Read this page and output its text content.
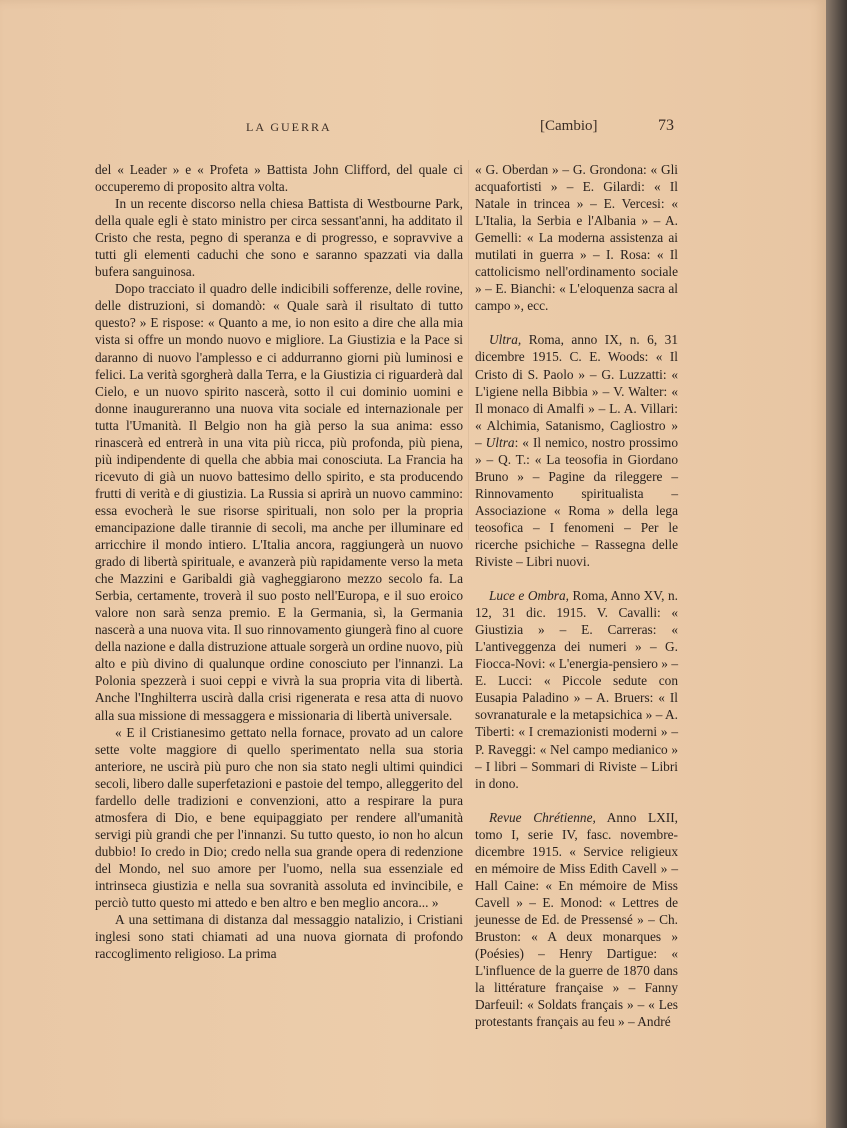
LA GUERRA	[Cambio]	73

del « Leader » e « Profeta » Battista John Clifford, del quale ci occuperemo di proposito altra volta.

In un recente discorso nella chiesa Battista di Westbourne Park, della quale egli è stato ministro per circa sessant'anni, ha additato il Cristo che resta, pegno di speranza e di progresso, e sopravvive a tutti gli elementi caduchi che sono e saranno spazzati via dalla bufera sanguinosa.

Dopo tracciato il quadro delle indicibili sofferenze, delle rovine, delle distruzioni, si domandò: « Quale sarà il risultato di tutto questo? » E rispose: « Quanto a me, io non esito a dire che alla mia vista si offre un mondo nuovo e migliore. La Giustizia e la Pace si daranno di nuovo l'amplesso e ci addurranno giorni più luminosi e felici. La verità sgorgherà dalla Terra, e la Giustizia ci riguarderà dal Cielo, e un nuovo spirito nascerà, sotto il cui dominio uomini e donne inaugureranno una nuova vita sociale ed internazionale per tutta l'Umanità. Il Belgio non ha già perso la sua anima: esso rinascerà ed entrerà in una vita più ricca, più profonda, più piena, più indipendente di quella che abbia mai conosciuta. La Francia ha ricevuto di già un nuovo battesimo dello spirito, e sta producendo frutti di verità e di giustizia. La Russia si aprirà un nuovo cammino: essa evocherà le sue risorse spirituali, non solo per la propria emancipazione dalle tirannie di secoli, ma anche per illuminare ed arricchire il mondo intiero. L'Italia ancora, raggiungerà un nuovo grado di libertà spirituale, e avanzerà più rapidamente verso la meta che Mazzini e Garibaldi già vagheggiarono mezzo secolo fa. La Serbia, certamente, troverà il suo posto nell'Europa, e il suo eroico valore non sarà senza premio. E la Germania, sì, la Germania nascerà a una nuova vita. Il suo rinnovamento giungerà fino al cuore della nazione e dalla distruzione attuale sorgerà un ordine nuovo, più alto e più divino di qualunque ordine conosciuto per l'innanzi. La Polonia spezzerà i suoi ceppi e vivrà la sua propria vita di libertà. Anche l'Inghilterra uscirà dalla crisi rigenerata e resa atta di nuovo alla sua missione di messaggera e missionaria di libertà universale.

« E il Cristianesimo gettato nella fornace, provato ad un calore sette volte maggiore di quello sperimentato nella sua storia anteriore, ne uscirà più puro che non sia stato negli ultimi quindici secoli, libero dalle superfetazioni e pastoie del tempo, alleggerito del fardello delle tradizioni e convenzioni, atto a respirare la pura atmosfera di Dio, e bene equipaggiato per rendere all'umanità servigi più grandi che per l'innanzi. Su tutto questo, io non ho alcun dubbio! Io credo in Dio; credo nella sua grande opera di redenzione del Mondo, nel suo amore per l'uomo, nella sua essenziale ed intrinseca giustizia e nella sua sovranità assoluta ed invincibile, e perciò tutto questo mi attedo e ben altro e ben meglio ancora... »

A una settimana di distanza dal messaggio natalizio, i Cristiani inglesi sono stati chiamati ad una nuova giornata di profondo raccoglimento religioso. La prima

« G. Oberdan » – G. Grondona: « Gli acquafortisti » – E. Gilardi: « Il Natale in trincea » – E. Vercesi: « L'Italia, la Serbia e l'Albania » – A. Gemelli: « La moderna assistenza ai mutilati in guerra » – I. Rosa: « Il cattolicismo nell'ordinamento sociale » – E. Bianchi: « L'eloquenza sacra al campo », ecc.

Ultra, Roma, anno IX, n. 6, 31 dicembre 1915. C. E. Woods: « Il Cristo di S. Paolo » – G. Luzzatti: « L'igiene nella Bibbia » – V. Walter: « Il monaco di Amalfi » – L. A. Villari: « Alchimia, Satanismo, Cagliostro » – Ultra: « Il nemico, nostro prossimo » – Q. T.: « La teosofia in Giordano Bruno » – Pagine da rileggere – Rinnovamento spiritualista – Associazione « Roma » della lega teosofica – I fenomeni – Per le ricerche psichiche – Rassegna delle Riviste – Libri nuovi.

Luce e Ombra, Roma, Anno XV, n. 12, 31 dic. 1915. V. Cavalli: « Giustizia » – E. Carreras: « L'antiveggenza dei numeri » – G. Fiocca-Novi: « L'energia-pensiero » – E. Lucci: « Piccole sedute con Eusapia Paladino » – A. Bruers: « Il sovranaturale e la metapsichica » – A. Tiberti: « I cremazionisti moderni » – P. Raveggi: « Nel campo medianico » – I libri – Sommari di Riviste – Libri in dono.

Revue Chrétienne, Anno LXII, tomo I, serie IV, fasc. novembre-dicembre 1915. « Service religieux en mémoire de Miss Edith Cavell » – Hall Caine: « En mémoire de Miss Cavell » – E. Monod: « Lettres de jeunesse de Ed. de Pressensé » – Ch. Bruston: « A deux monarques » (Poésies) – Henry Dartigue: « L'influence de la guerre de 1870 dans la littérature française » – Fanny Darfeuil: « Soldats français » – « Les protestants français au feu » – André
